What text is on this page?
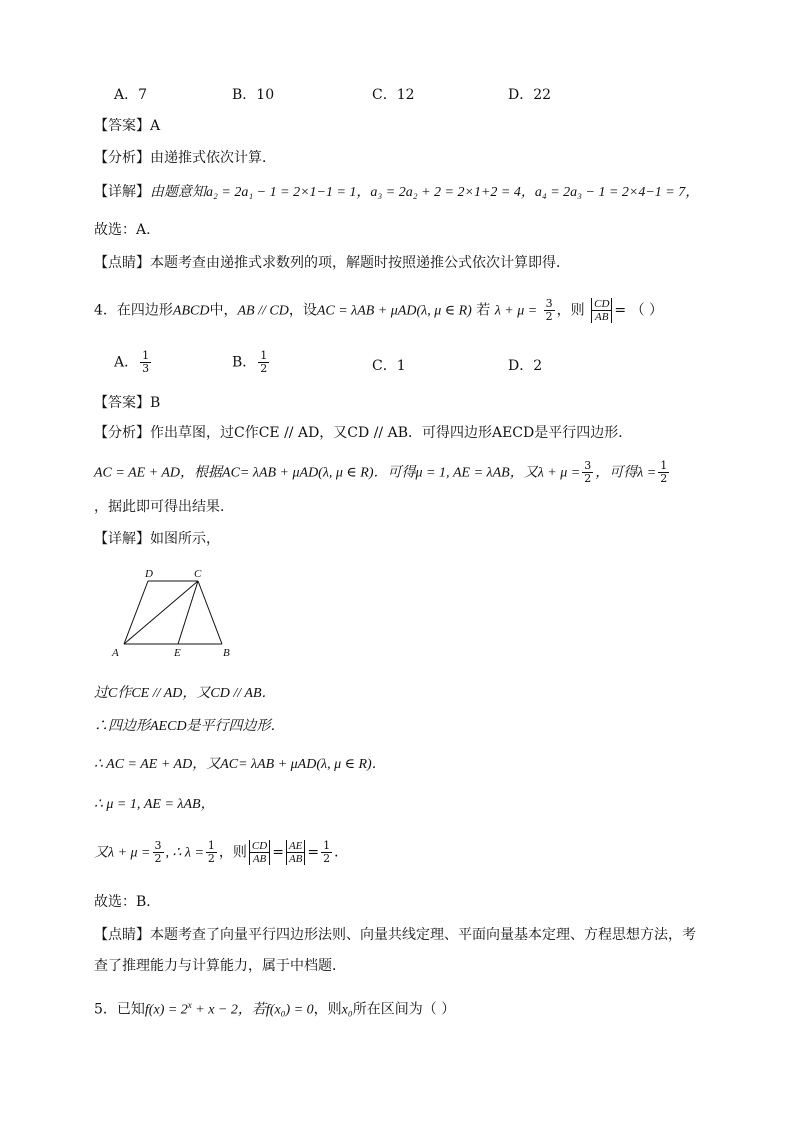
A．7	B．10	C．12	D．22
【答案】A
【分析】由递推式依次计算．
【详解】由题意知a₂ = 2a₁ − 1 = 2×1−1 = 1，a₃ = 2a₂ + 2 = 2×1+2 = 4，a₄ = 2a₃ − 1 = 2×4−1 = 7，
故选：A.
【点睛】本题考查由递推式求数列的项，解题时按照递推公式依次计算即得．
4．在四边形ABCD中，AB // CD，设AC = λAB + μAD(λ, μ ∈ R) 若 $\lambda + \mu = \frac{3}{2}$ ，则 $\frac{CD}{AB}$ = （ ）
A． $\frac{1}{3}$	B． $\frac{1}{2}$	C．1	D．2
【答案】B
【分析】作出草图，过C作CE // AD，又CD // AB．可得四边形AECD是平行四边形．
AC = AE + AD，根据AC= λAB + μAD(λ, μ ∈ R)．可得μ = 1, AE = λAB，又$\lambda + \mu = \frac{3}{2}$ ，可得$\lambda = \frac{1}{2}$
，据此即可得出结果．
【详解】如图所示，
D	C
A	E	B
过C作CE // AD，又CD // AB．
∴四边形AECD是平行四边形．
∴ AC = AE + AD，又AC= λAB + μAD(λ, μ ∈ R)．
∴ μ = 1, AE = λAB，
又$\lambda + \mu = \frac{3}{2}$ , ∴ $\lambda = \frac{1}{2}$ ，则 $\frac{CD}{AB} = \frac{AE}{AB} = \frac{1}{2}$ ．
故选：B．
【点睛】本题考查了向量平行四边形法则、向量共线定理、平面向量基本定理、方程思想方法，考
查了推理能力与计算能力，属于中档题．
5．已知$f(x) = 2^x + x - 2$，若f(x₀) = 0，则x₀所在区间为（ ）
